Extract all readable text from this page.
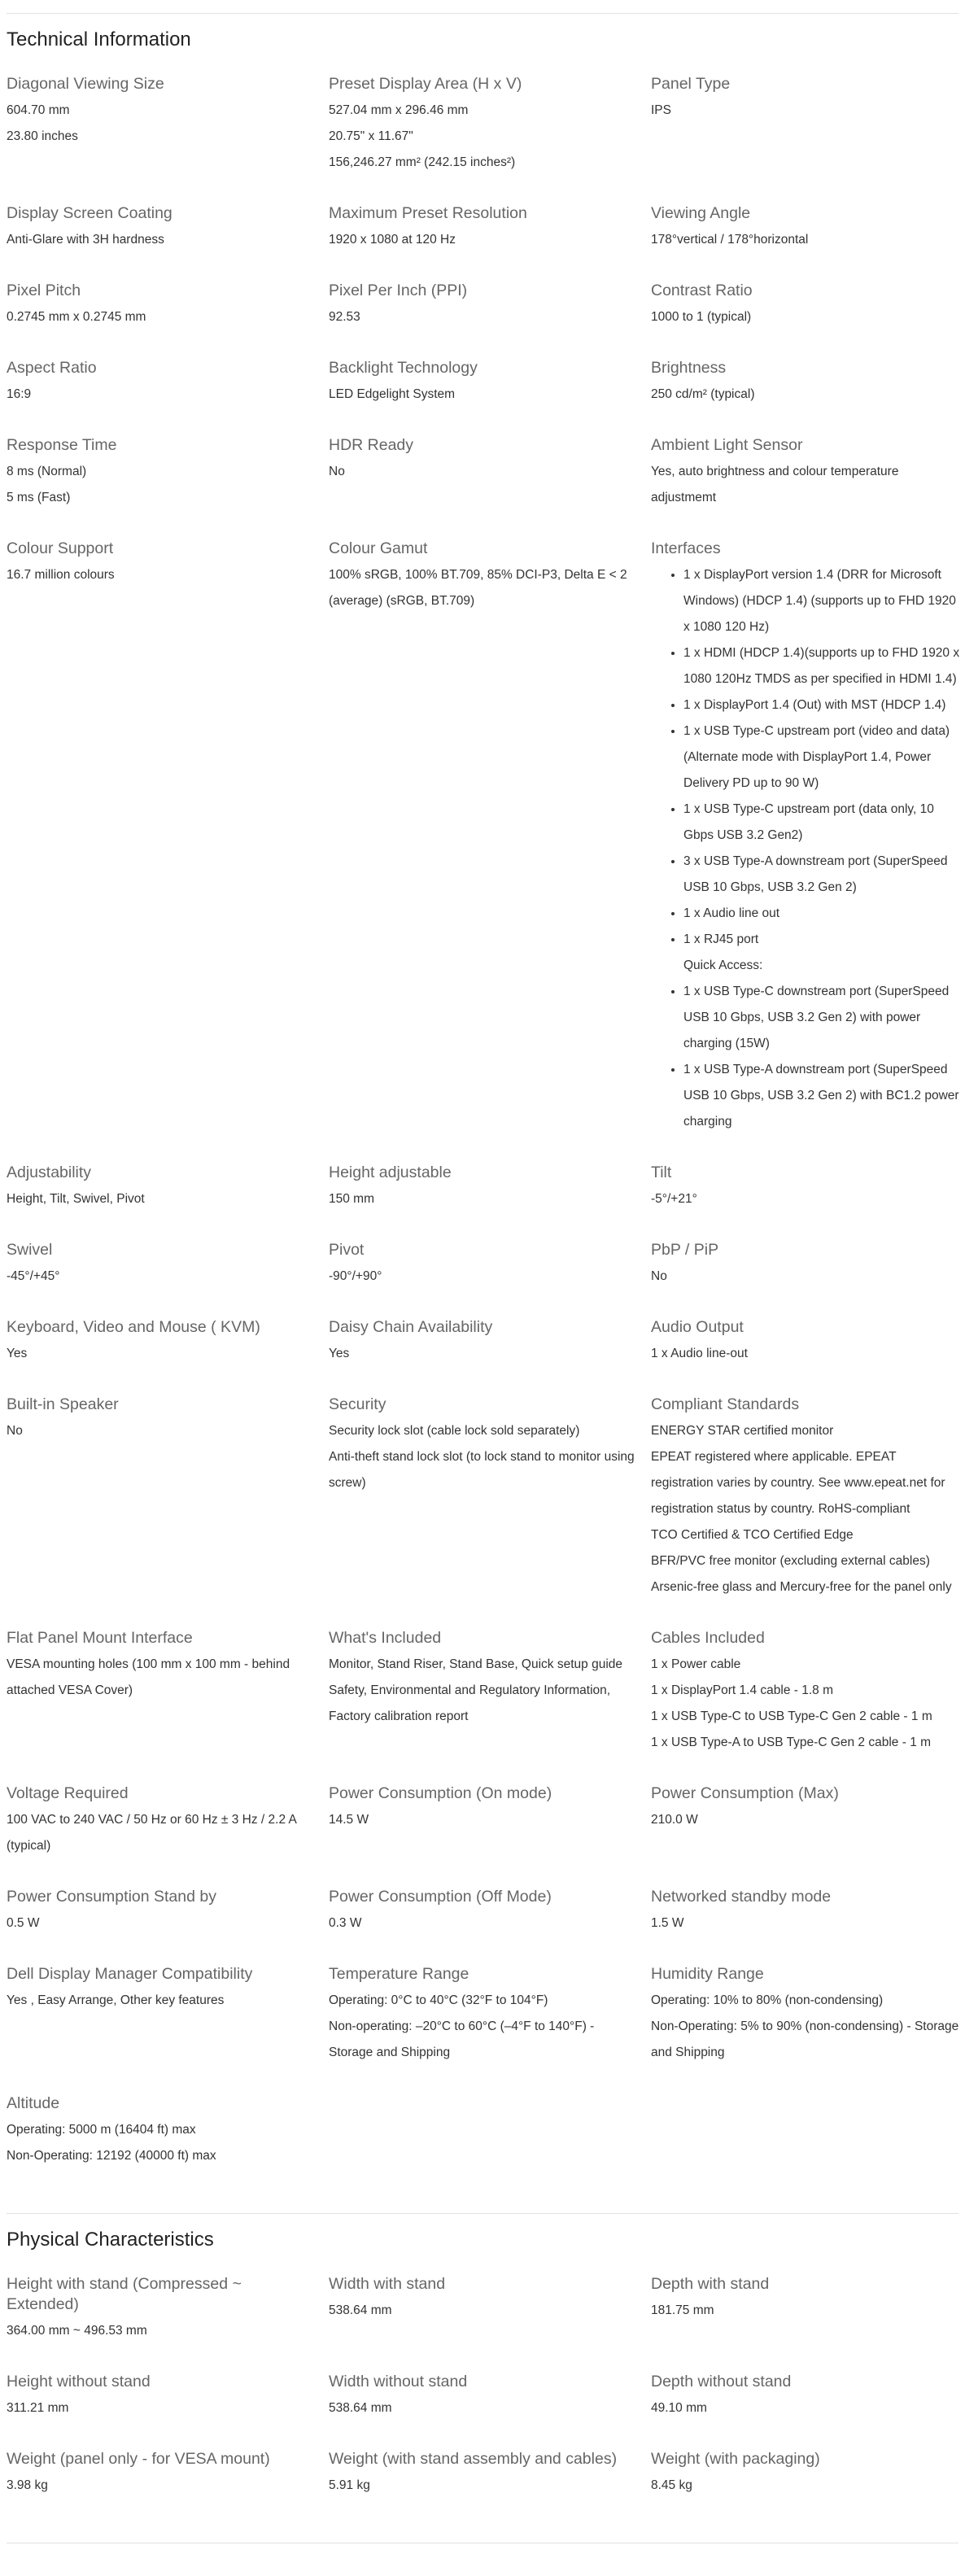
Technical Information
Diagonal Viewing Size
604.70 mm
23.80 inches
Preset Display Area (H x V)
527.04 mm x 296.46 mm
20.75" x 11.67"
156,246.27 mm² (242.15 inches²)
Panel Type
IPS
Display Screen Coating
Anti-Glare with 3H hardness
Maximum Preset Resolution
1920 x 1080 at 120 Hz
Viewing Angle
178°vertical / 178°horizontal
Pixel Pitch
0.2745 mm x 0.2745 mm
Pixel Per Inch (PPI)
92.53
Contrast Ratio
1000 to 1 (typical)
Aspect Ratio
16:9
Backlight Technology
LED Edgelight System
Brightness
250 cd/m² (typical)
Response Time
8 ms (Normal)
5 ms (Fast)
HDR Ready
No
Ambient Light Sensor
Yes, auto brightness and colour temperature adjustmemt
Colour Support
16.7 million colours
Colour Gamut
100% sRGB, 100% BT.709, 85% DCI-P3, Delta E < 2 (average) (sRGB, BT.709)
Interfaces
• 1 x DisplayPort version 1.4 (DRR for Microsoft Windows) (HDCP 1.4) (supports up to FHD 1920 x 1080 120 Hz)
• 1 x HDMI (HDCP 1.4)(supports up to FHD 1920 x 1080 120Hz TMDS as per specified in HDMI 1.4)
• 1 x DisplayPort 1.4 (Out) with MST (HDCP 1.4)
• 1 x USB Type-C upstream port (video and data) (Alternate mode with DisplayPort 1.4, Power Delivery PD up to 90 W)
• 1 x USB Type-C upstream port (data only, 10 Gbps USB 3.2 Gen2)
• 3 x USB Type-A downstream port (SuperSpeed USB 10 Gbps, USB 3.2 Gen 2)
• 1 x Audio line out
• 1 x RJ45 port
Quick Access:
• 1 x USB Type-C downstream port (SuperSpeed USB 10 Gbps, USB 3.2 Gen 2) with power charging (15W)
• 1 x USB Type-A downstream port (SuperSpeed USB 10 Gbps, USB 3.2 Gen 2) with BC1.2 power charging
Adjustability
Height, Tilt, Swivel, Pivot
Height adjustable
150 mm
Tilt
-5°/+21°
Swivel
-45°/+45°
Pivot
-90°/+90°
PbP / PiP
No
Keyboard, Video and Mouse ( KVM)
Yes
Daisy Chain Availability
Yes
Audio Output
1 x Audio line-out
Built-in Speaker
No
Security
Security lock slot (cable lock sold separately)
Anti-theft stand lock slot (to lock stand to monitor using screw)
Compliant Standards
ENERGY STAR certified monitor
EPEAT registered where applicable. EPEAT registration varies by country. See www.epeat.net for registration status by country. RoHS-compliant
TCO Certified & TCO Certified Edge
BFR/PVC free monitor (excluding external cables)
Arsenic-free glass and Mercury-free for the panel only
Flat Panel Mount Interface
VESA mounting holes (100 mm x 100 mm - behind attached VESA Cover)
What's Included
Monitor, Stand Riser, Stand Base, Quick setup guide
Safety, Environmental and Regulatory Information, Factory calibration report
Cables Included
1 x Power cable
1 x DisplayPort 1.4 cable - 1.8 m
1 x USB Type-C to USB Type-C Gen 2 cable - 1 m
1 x USB Type-A to USB Type-C Gen 2 cable - 1 m
Voltage Required
100 VAC to 240 VAC / 50 Hz or 60 Hz ± 3 Hz / 2.2 A (typical)
Power Consumption (On mode)
14.5 W
Power Consumption (Max)
210.0 W
Power Consumption Stand by
0.5 W
Power Consumption (Off Mode)
0.3 W
Networked standby mode
1.5 W
Dell Display Manager Compatibility
Yes , Easy Arrange, Other key features
Temperature Range
Operating: 0°C to 40°C (32°F to 104°F)
Non-operating: –20°C to 60°C (–4°F to 140°F) - Storage and Shipping
Humidity Range
Operating: 10% to 80% (non-condensing)
Non-Operating: 5% to 90% (non-condensing) - Storage and Shipping
Altitude
Operating: 5000 m (16404 ft) max
Non-Operating: 12192 (40000 ft) max
Physical Characteristics
Height with stand (Compressed ~ Extended)
364.00 mm ~ 496.53 mm
Width with stand
538.64 mm
Depth with stand
181.75 mm
Height without stand
311.21 mm
Width without stand
538.64 mm
Depth without stand
49.10 mm
Weight (panel only - for VESA mount)
3.98 kg
Weight (with stand assembly and cables)
5.91 kg
Weight (with packaging)
8.45 kg
